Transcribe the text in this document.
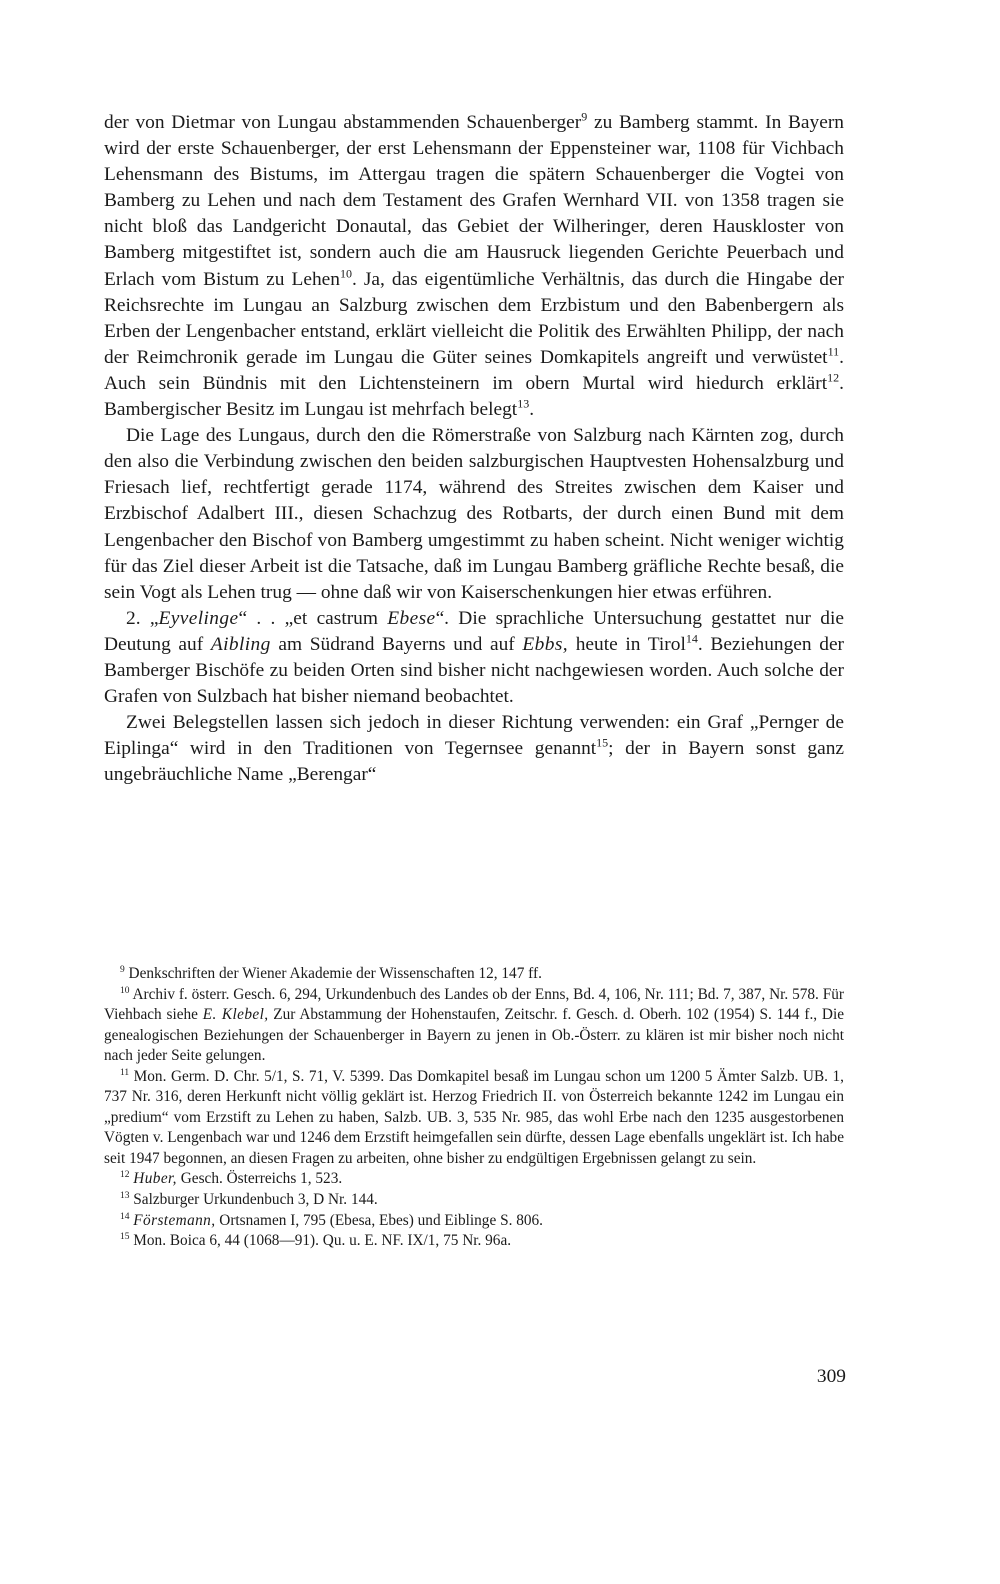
der von Dietmar von Lungau abstammenden Schauenberger$^9$ zu Bamberg stammt. In Bayern wird der erste Schauenberger, der erst Lehensmann der Eppensteiner war, 1108 für Vichbach Lehensmann des Bistums, im Attergau tragen die spätern Schauenberger die Vogtei von Bamberg zu Lehen und nach dem Testament des Grafen Wernhard VII. von 1358 tragen sie nicht bloß das Landgericht Donautal, das Gebiet der Wilheringer, deren Hauskloster von Bamberg mitgestiftet ist, sondern auch die am Hausruck liegenden Gerichte Peuerbach und Erlach vom Bistum zu Lehen$^{10}$. Ja, das eigentümliche Verhältnis, das durch die Hingabe der Reichsrechte im Lungau an Salzburg zwischen dem Erzbistum und den Babenbergern als Erben der Lengenbacher entstand, erklärt vielleicht die Politik des Erwählten Philipp, der nach der Reimchronik gerade im Lungau die Güter seines Domkapitels angreift und verwüstet$^{11}$. Auch sein Bündnis mit den Lichtensteinern im obern Murtal wird hiedurch erklärt$^{12}$. Bambergischer Besitz im Lungau ist mehrfach belegt$^{13}$.

Die Lage des Lungaus, durch den die Römerstraße von Salzburg nach Kärnten zog, durch den also die Verbindung zwischen den beiden salzburgischen Hauptvesten Hohensalzburg und Friesach lief, rechtfertigt gerade 1174, während des Streites zwischen dem Kaiser und Erzbischof Adalbert III., diesen Schachzug des Rotbarts, der durch einen Bund mit dem Lengenbacher den Bischof von Bamberg umgestimmt zu haben scheint. Nicht weniger wichtig für das Ziel dieser Arbeit ist die Tatsache, daß im Lungau Bamberg gräfliche Rechte besaß, die sein Vogt als Lehen trug — ohne daß wir von Kaiserschenkungen hier etwas erführen.

2. „Eyvelinge“ . . „et castrum Ebese“. Die sprachliche Untersuchung gestattet nur die Deutung auf Aibling am Südrand Bayerns und auf Ebbs, heute in Tirol$^{14}$. Beziehungen der Bamberger Bischöfe zu beiden Orten sind bisher nicht nachgewiesen worden. Auch solche der Grafen von Sulzbach hat bisher niemand beobachtet.

Zwei Belegstellen lassen sich jedoch in dieser Richtung verwenden: ein Graf „Pernger de Eiplinga“ wird in den Traditionen von Tegernsee genannt$^{15}$; der in Bayern sonst ganz ungebräuchliche Name „Berengar“

$^9$ Denkschriften der Wiener Akademie der Wissenschaften 12, 147 ff.

$^{10}$ Archiv f. österr. Gesch. 6, 294, Urkundenbuch des Landes ob der Enns, Bd. 4, 106, Nr. 111; Bd. 7, 387, Nr. 578. Für Viehbach siehe E. Klebel, Zur Abstammung der Hohenstaufen, Zeitschr. f. Gesch. d. Oberh. 102 (1954) S. 144 f., Die genealogischen Beziehungen der Schauenberger in Bayern zu jenen in Ob.-Österr. zu klären ist mir bisher noch nicht nach jeder Seite gelungen.

$^{11}$ Mon. Germ. D. Chr. 5/1, S. 71, V. 5399. Das Domkapitel besaß im Lungau schon um 1200 5 Ämter Salzb. UB. 1, 737 Nr. 316, deren Herkunft nicht völlig geklärt ist. Herzog Friedrich II. von Österreich bekannte 1242 im Lungau ein „predium“ vom Erzstift zu Lehen zu haben, Salzb. UB. 3, 535 Nr. 985, das wohl Erbe nach den 1235 ausgestorbenen Vögten v. Lengenbach war und 1246 dem Erzstift heimgefallen sein dürfte, dessen Lage ebenfalls ungeklärt ist. Ich habe seit 1947 begonnen, an diesen Fragen zu arbeiten, ohne bisher zu endgültigen Ergebnissen gelangt zu sein.

$^{12}$ Huber, Gesch. Österreichs 1, 523.

$^{13}$ Salzburger Urkundenbuch 3, D Nr. 144.

$^{14}$ Förstemann, Ortsnamen I, 795 (Ebesa, Ebes) und Eiblinge S. 806.

$^{15}$ Mon. Boica 6, 44 (1068—91). Qu. u. E. NF. IX/1, 75 Nr. 96a.

309
